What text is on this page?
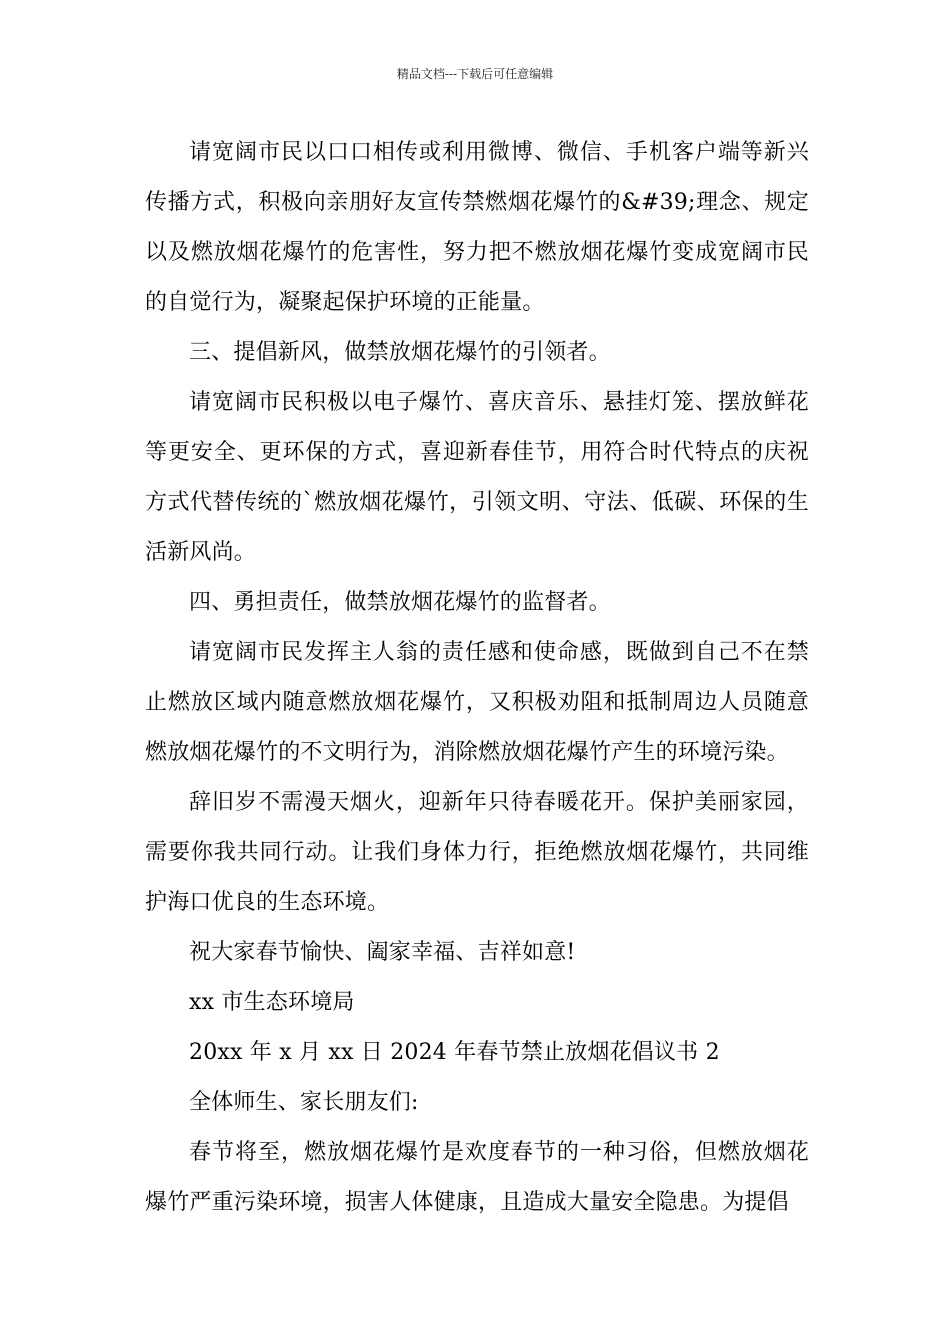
精品文档---下载后可任意编辑

请宽阔市民以口口相传或利用微博、微信、手机客户端等新兴传播方式，积极向亲朋好友宣传禁燃烟花爆竹的&#39;理念、规定以及燃放烟花爆竹的危害性，努力把不燃放烟花爆竹变成宽阔市民的自觉行为，凝聚起保护环境的正能量。

三、提倡新风，做禁放烟花爆竹的引领者。

请宽阔市民积极以电子爆竹、喜庆音乐、悬挂灯笼、摆放鲜花等更安全、更环保的方式，喜迎新春佳节，用符合时代特点的庆祝方式代替传统的`燃放烟花爆竹，引领文明、守法、低碳、环保的生活新风尚。

四、勇担责任，做禁放烟花爆竹的监督者。

请宽阔市民发挥主人翁的责任感和使命感，既做到自己不在禁止燃放区域内随意燃放烟花爆竹，又积极劝阻和抵制周边人员随意燃放烟花爆竹的不文明行为，消除燃放烟花爆竹产生的环境污染。

辞旧岁不需漫天烟火，迎新年只待春暖花开。保护美丽家园，需要你我共同行动。让我们身体力行，拒绝燃放烟花爆竹，共同维护海口优良的生态环境。

祝大家春节愉快、阖家幸福、吉祥如意!

xx 市生态环境局

20xx 年 x 月 xx 日 2024 年春节禁止放烟花倡议书 2

全体师生、家长朋友们:

春节将至，燃放烟花爆竹是欢度春节的一种习俗，但燃放烟花爆竹严重污染环境，损害人体健康，且造成大量安全隐患。为提倡
